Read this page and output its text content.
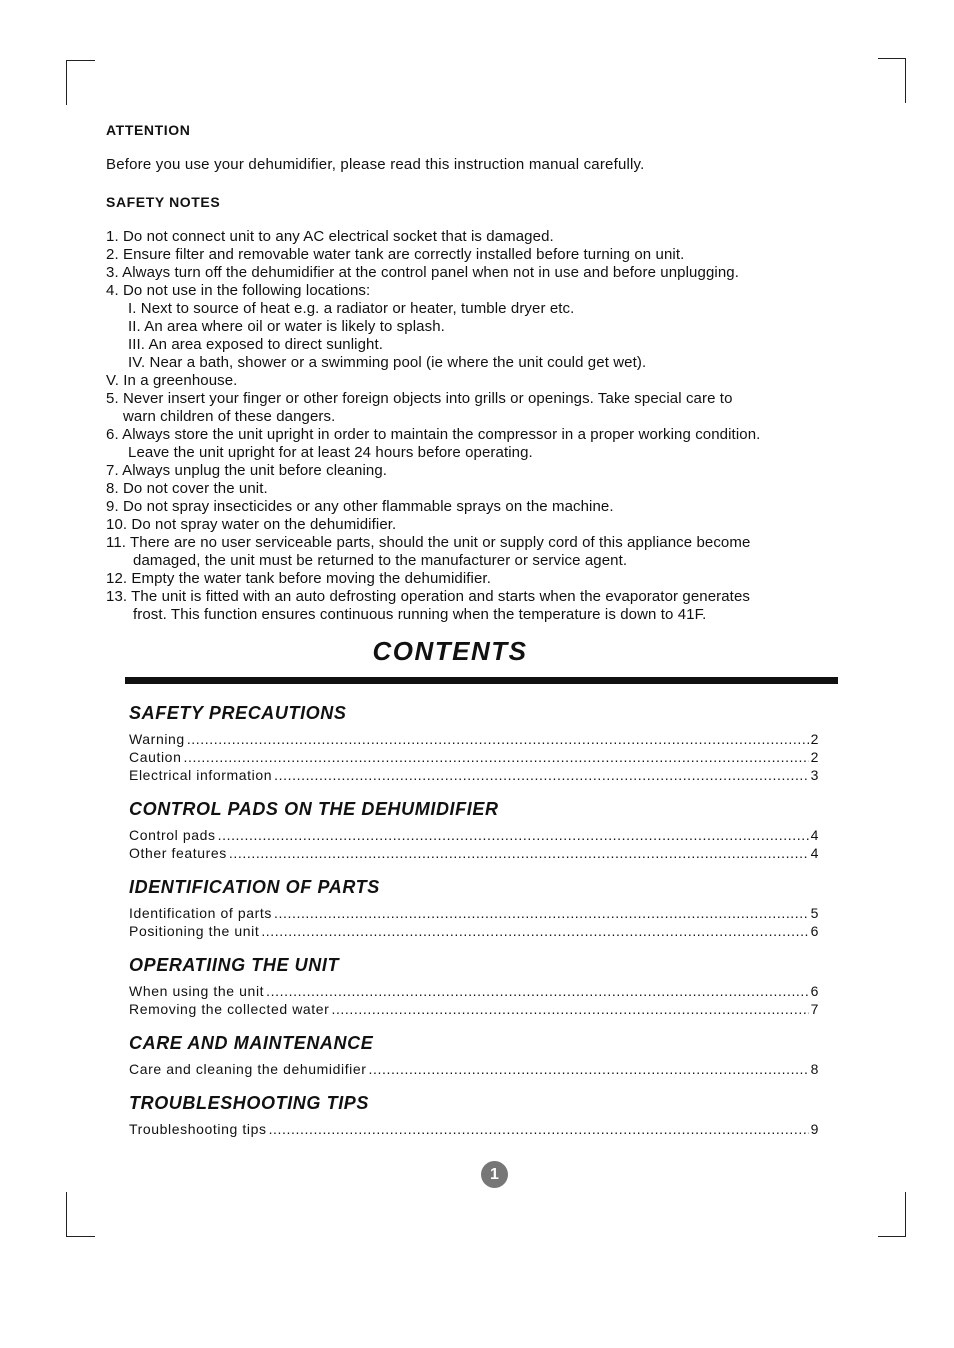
ATTENTION

Before you use your dehumidifier, please read this instruction manual carefully.

SAFETY NOTES
1. Do not connect unit to any AC electrical socket that is damaged.
2. Ensure filter and removable water tank are correctly installed before turning on unit.
3. Always turn off the dehumidifier at the control panel when not in use and before unplugging.
4. Do not use in the following locations:
I. Next to source of heat e.g. a radiator or heater, tumble dryer etc.
II. An area where oil or water is likely to splash.
III. An area exposed to direct sunlight.
IV. Near a bath, shower or a swimming pool (ie where the unit could get wet).
V. In a greenhouse.
5. Never insert your finger or other foreign objects into grills or openings. Take special care to
warn children of these dangers.
6. Always store the unit upright in order to maintain the compressor in a proper working condition.
Leave the unit upright for at least 24 hours before operating.
7. Always unplug the unit before cleaning.
8. Do not cover the unit.
9. Do not spray insecticides or any other flammable sprays on the machine.
10. Do not spray water on the dehumidifier.
11. There are no user serviceable parts, should the unit or supply cord of this appliance become
damaged, the unit must be returned to the manufacturer or service agent.
12. Empty the water tank before moving the dehumidifier.
13. The unit is fitted with an auto defrosting operation and starts when the evaporator generates
frost. This function ensures continuous running when the temperature is down to 41F.
CONTENTS
SAFETY PRECAUTIONS
Warning .....	2
Caution .....	2
Electrical information .....	3
CONTROL PADS ON THE DEHUMIDIFIER
Control pads .....	4
Other features .....	4
IDENTIFICATION OF PARTS
Identification of parts .....	5
Positioning the unit .....	6
OPERATIING THE UNIT
When using the unit .....	6
Removing the collected water .....	7
CARE AND MAINTENANCE
Care and cleaning the dehumidifier .....	8
TROUBLESHOOTING TIPS
Troubleshooting tips .....	9
1
